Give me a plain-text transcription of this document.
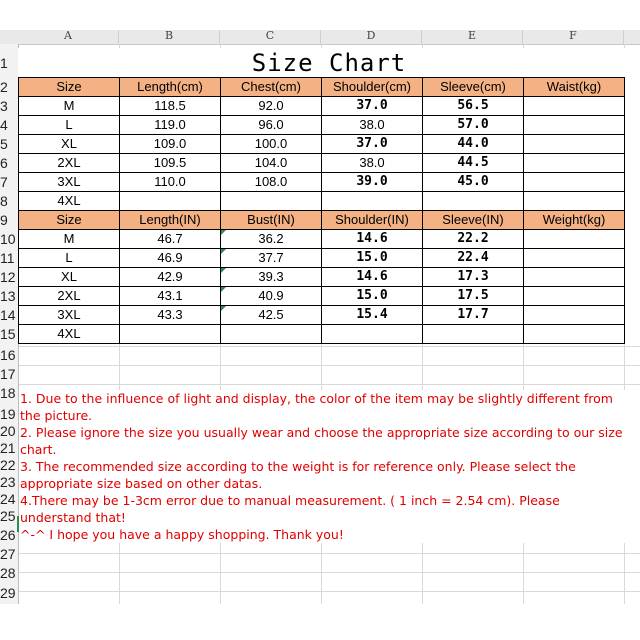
A	B	C	D	E	F
1
2
3
4
5
6
7
8
9
10
11
12
13
14
15
16
17
18
19
20
21
22
23
24
25
26
27
28
29
Size Chart
Size	Length(cm)	Chest(cm)	Shoulder(cm)	Sleeve(cm)	Waist(kg)
M	118.5	92.0	37.0	56.5	
L	119.0	96.0	38.0	57.0	
XL	109.0	100.0	37.0	44.0	
2XL	109.5	104.0	38.0	44.5	
3XL	110.0	108.0	39.0	45.0	
4XL					
Size	Length(IN)	Bust(IN)	Shoulder(IN)	Sleeve(IN)	Weight(kg)
M	46.7	36.2	14.6	22.2	
L	46.9	37.7	15.0	22.4	
XL	42.9	39.3	14.6	17.3	
2XL	43.1	40.9	15.0	17.5	
3XL	43.3	42.5	15.4	17.7	
4XL					

1. Due to the influence of light and display, the color of the item may be slightly different from the picture.

2. Please ignore the size you usually wear and choose the appropriate size according to our size chart.

3. The recommended size according to the weight is for reference only. Please select the appropriate size based on other datas.

4.There may be 1-3cm error due to manual measurement. ( 1 inch = 2.54 cm). Please understand that!

^-^ I hope you have a happy shopping. Thank you!
